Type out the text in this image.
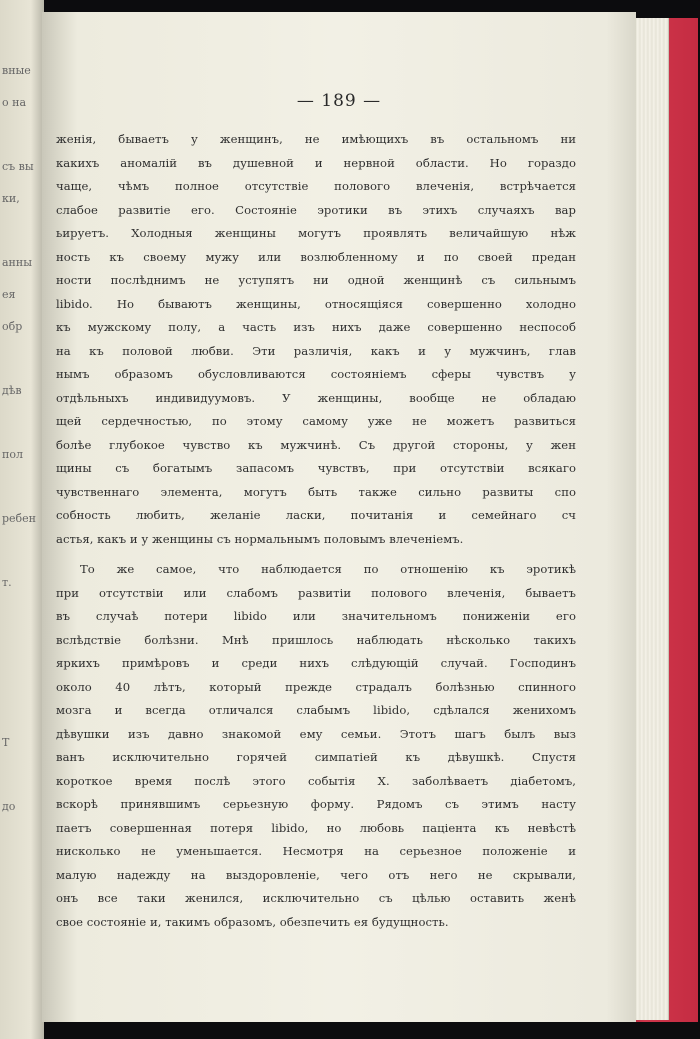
вные
о на
съ вы
ки,
анны
ея
обр
дѣв
пол
ребен
т.
Т
до
— 189 —
женія, бываетъ у женщинъ, не имѣющихъ въ остальномъ ни
какихъ аномалій въ душевной и нервной области. Но гораздо
чаще, чѣмъ полное отсутствіе полового влеченія, встрѣчается
слабое развитіе его. Состояніе эротики въ этихъ случаяхъ вар
ьируетъ. Холодныя женщины могутъ проявлять величайшую нѣж
ность къ своему мужу или возлюбленному и по своей предан
ности послѣднимъ не уступятъ ни одной женщинѣ съ сильнымъ
libido. Но бываютъ женщины, относящіяся совершенно холодно
къ мужскому полу, а часть изъ нихъ даже совершенно неспособ
на къ половой любви. Эти различія, какъ и у мужчинъ, глав
нымъ образомъ обусловливаются состояніемъ сферы чувствъ у
отдѣльныхъ индивидуумовъ. У женщины, вообще не обладаю
щей сердечностью, по этому самому уже не можетъ развиться
болѣе глубокое чувство къ мужчинѣ. Съ другой стороны, у жен
щины съ богатымъ запасомъ чувствъ, при отсутствіи всякаго
чувственнаго элемента, могутъ быть также сильно развиты спо
собность любить, желаніе ласки, почитанія и семейнаго сч
астья, какъ и у женщины съ нормальнымъ половымъ влеченіемъ.
То же самое, что наблюдается по отношенію къ эротикѣ
при отсутствіи или слабомъ развитіи полового влеченія, бываетъ
въ случаѣ потери libido или значительномъ пониженіи его
вслѣдствіе болѣзни. Мнѣ пришлось наблюдать нѣсколько такихъ
яркихъ примѣровъ и среди нихъ слѣдующій случай. Господинъ
около 40 лѣтъ, который прежде страдалъ болѣзнью спинного
мозга и всегда отличался слабымъ libido, сдѣлался женихомъ
дѣвушки изъ давно знакомой ему семьи. Этотъ шагъ былъ выз
ванъ исключительно горячей симпатіей къ дѣвушкѣ. Спустя
короткое время послѣ этого событія Х. заболѣваетъ діабетомъ,
вскорѣ принявшимъ серьезную форму. Рядомъ съ этимъ насту
паетъ совершенная потеря libido, но любовь паціента къ невѣстѣ
нисколько не уменьшается. Несмотря на серьезное положеніе и
малую надежду на выздоровленіе, чего отъ него не скрывали,
онъ все таки женился, исключительно съ цѣлью оставить женѣ
свое состояніе и, такимъ образомъ, обезпечить ея будущность.
